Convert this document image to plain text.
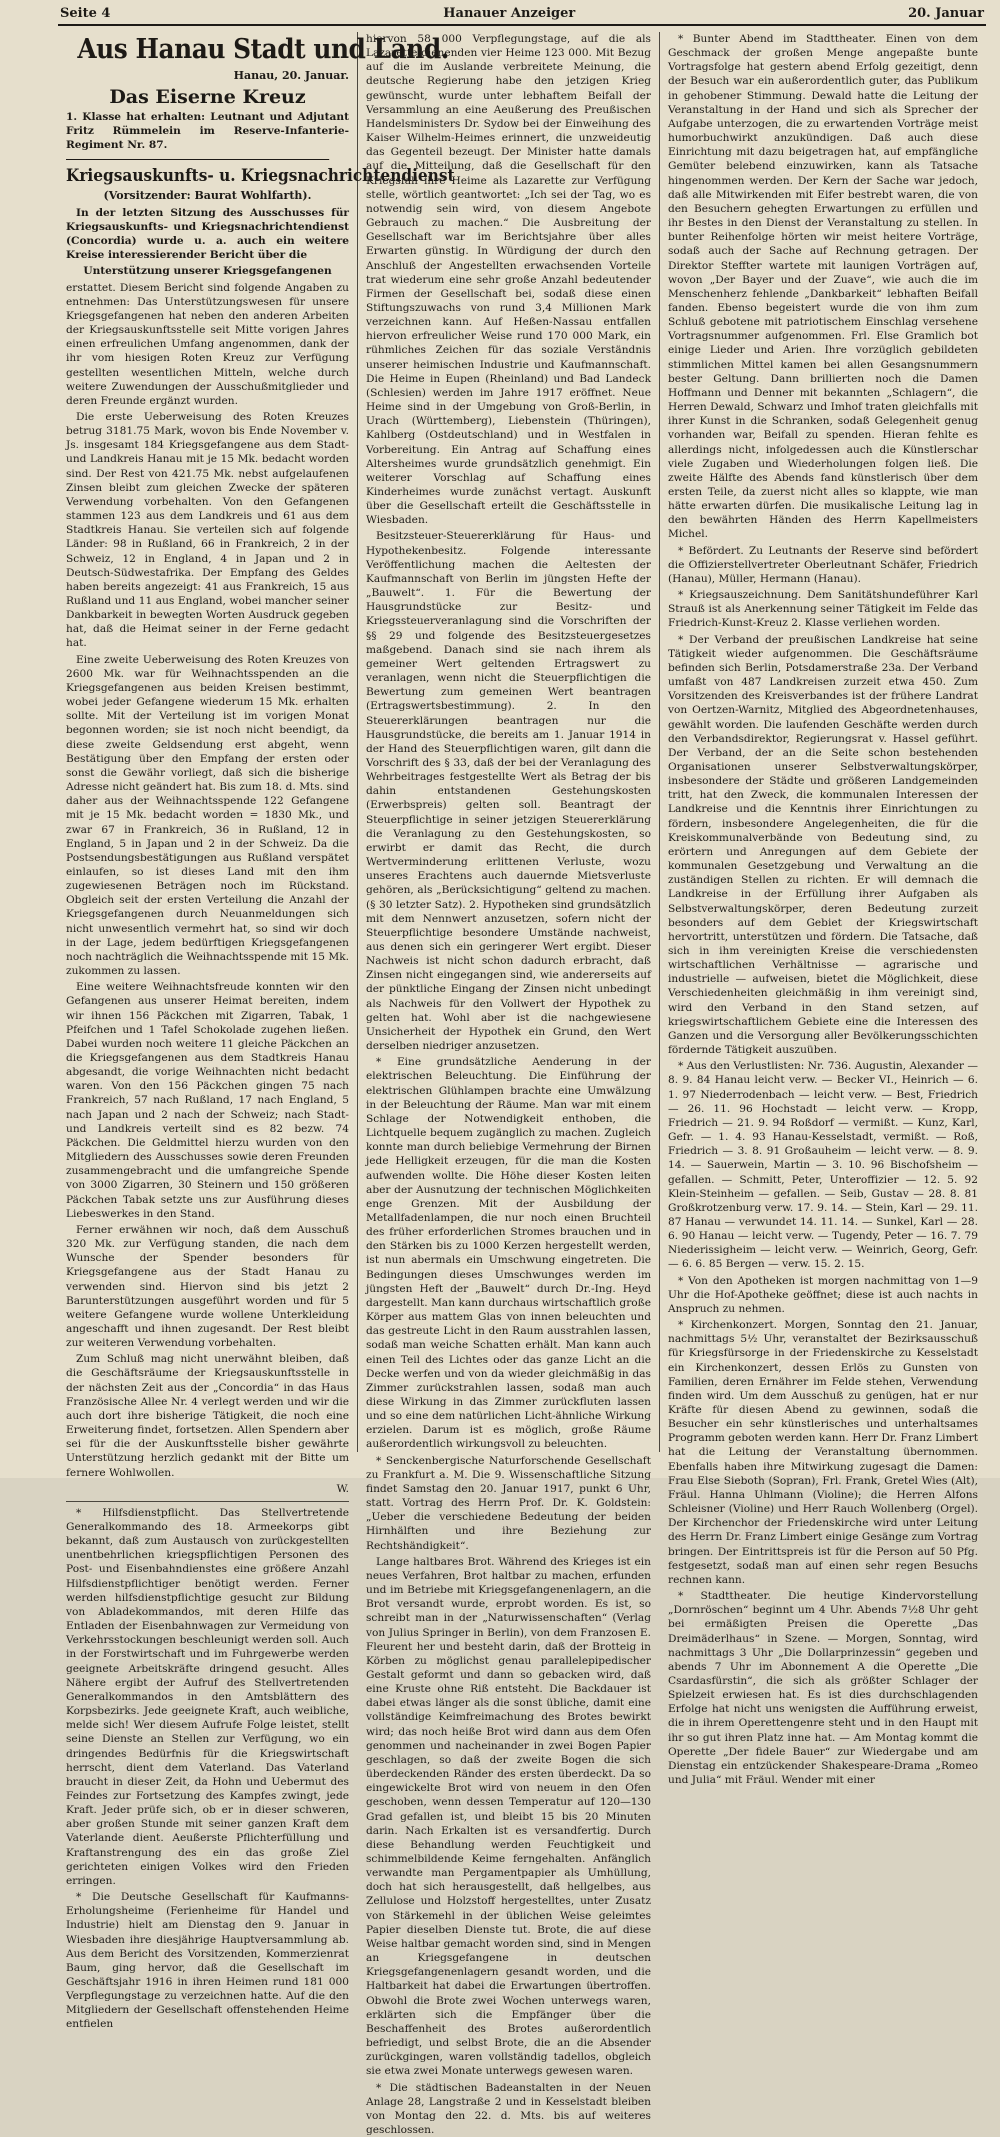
Seite 4	Hanauer Anzeiger	20. Januar
Aus Hanau Stadt und Land.
Hanau, 20. Januar.
Das Eiserne Kreuz

1. Klasse hat erhalten: Leutnant und Adjutant Fritz Rümmelein im Reserve-Infanterie-Regiment Nr. 87.

Kriegsauskunfts- u. Kriegsnachrichtendienst
(Vorsitzender: Baurat Wohlfarth).

In der letzten Sitzung des Ausschusses für Kriegsauskunfts- und Kriegsnachrichtendienst (Concordia) wurde u. a. auch ein weitere Kreise interessierender Bericht über die

Unterstützung unserer Kriegsgefangenen

erstattet. Diesem Bericht sind folgende Angaben zu entnehmen: Das Unterstützungswesen für unsere Kriegsgefangenen hat neben den anderen Arbeiten der Kriegsauskunftsstelle seit Mitte vorigen Jahres einen erfreulichen Umfang angenommen, dank der ihr vom hiesigen Roten Kreuz zur Verfügung gestellten wesentlichen Mitteln, welche durch weitere Zuwendungen der Ausschußmitglieder und deren Freunde ergänzt wurden.

Die erste Ueberweisung des Roten Kreuzes betrug 3181.75 Mark, wovon bis Ende November v. Js. insgesamt 184 Kriegsgefangene aus dem Stadt- und Landkreis Hanau mit je 15 Mk. bedacht worden sind. Der Rest von 421.75 Mk. nebst aufgelaufenen Zinsen bleibt zum gleichen Zwecke der späteren Verwendung vorbehalten. Von den Gefangenen stammen 123 aus dem Landkreis und 61 aus dem Stadtkreis Hanau. Sie verteilen sich auf folgende Länder: 98 in Rußland, 66 in Frankreich, 2 in der Schweiz, 12 in England, 4 in Japan und 2 in Deutsch-Südwestafrika. Der Empfang des Geldes haben bereits angezeigt: 41 aus Frankreich, 15 aus Rußland und 11 aus England, wobei mancher seiner Dankbarkeit in bewegten Worten Ausdruck gegeben hat, daß die Heimat seiner in der Ferne gedacht hat.

Eine zweite Ueberweisung des Roten Kreuzes von 2600 Mk. war für Weihnachtsspenden an die Kriegsgefangenen aus beiden Kreisen bestimmt, wobei jeder Gefangene wiederum 15 Mk. erhalten sollte. Mit der Verteilung ist im vorigen Monat begonnen worden; sie ist noch nicht beendigt, da diese zweite Geldsendung erst abgeht, wenn Bestätigung über den Empfang der ersten oder sonst die Gewähr vorliegt, daß sich die bisherige Adresse nicht geändert hat. Bis zum 18. d. Mts. sind daher aus der Weihnachtsspende 122 Gefangene mit je 15 Mk. bedacht worden = 1830 Mk., und zwar 67 in Frankreich, 36 in Rußland, 12 in England, 5 in Japan und 2 in der Schweiz. Da die Postsendungsbestätigungen aus Rußland verspätet einlaufen, so ist dieses Land mit den ihm zugewiesenen Beträgen noch im Rückstand. Obgleich seit der ersten Verteilung die Anzahl der Kriegsgefangenen durch Neuanmeldungen sich nicht unwesentlich vermehrt hat, so sind wir doch in der Lage, jedem bedürftigen Kriegsgefangenen noch nachträglich die Weihnachtsspende mit 15 Mk. zukommen zu lassen.

Eine weitere Weihnachtsfreude konnten wir den Gefangenen aus unserer Heimat bereiten, indem wir ihnen 156 Päckchen mit Zigarren, Tabak, 1 Pfeifchen und 1 Tafel Schokolade zugehen ließen. Dabei wurden noch weitere 11 gleiche Päckchen an die Kriegsgefangenen aus dem Stadtkreis Hanau abgesandt, die vorige Weihnachten nicht bedacht waren. Von den 156 Päckchen gingen 75 nach Frankreich, 57 nach Rußland, 17 nach England, 5 nach Japan und 2 nach der Schweiz; nach Stadt- und Landkreis verteilt sind es 82 bezw. 74 Päckchen. Die Geldmittel hierzu wurden von den Mitgliedern des Ausschusses sowie deren Freunden zusammengebracht und die umfangreiche Spende von 3000 Zigarren, 30 Steinern und 150 größeren Päckchen Tabak setzte uns zur Ausführung dieses Liebeswerkes in den Stand.

Ferner erwähnen wir noch, daß dem Ausschuß 320 Mk. zur Verfügung standen, die nach dem Wunsche der Spender besonders für Kriegsgefangene aus der Stadt Hanau zu verwenden sind. Hiervon sind bis jetzt 2 Barunterstützungen ausgeführt worden und für 5 weitere Gefangene wurde wollene Unterkleidung angeschafft und ihnen zugesandt. Der Rest bleibt zur weiteren Verwendung vorbehalten.

Zum Schluß mag nicht unerwähnt bleiben, daß die Geschäftsräume der Kriegsauskunftsstelle in der nächsten Zeit aus der „Concordia“ in das Haus Französische Allee Nr. 4 verlegt werden und wir die auch dort ihre bisherige Tätigkeit, die noch eine Erweiterung findet, fortsetzen. Allen Spendern aber sei für die der Auskunftsstelle bisher gewährte Unterstützung herzlich gedankt mit der Bitte um fernere Wohlwollen.

W.

* Hilfsdienstpflicht. Das Stellvertretende Generalkommando des 18. Armeekorps gibt bekannt, daß zum Austausch von zurückgestellten unentbehrlichen kriegspflichtigen Personen des Post- und Eisenbahndienstes eine größere Anzahl Hilfsdienstpflichtiger benötigt werden. Ferner werden hilfsdienstpflichtige gesucht zur Bildung von Abladekommandos, mit deren Hilfe das Entladen der Eisenbahnwagen zur Vermeidung von Verkehrsstockungen beschleunigt werden soll. Auch in der Forstwirtschaft und im Fuhrgewerbe werden geeignete Arbeitskräfte dringend gesucht. Alles Nähere ergibt der Aufruf des Stellvertretenden Generalkommandos in den Amtsblättern des Korpsbezirks. Jede geeignete Kraft, auch weibliche, melde sich! Wer diesem Aufrufe Folge leistet, stellt seine Dienste an Stellen zur Verfügung, wo ein dringendes Bedürfnis für die Kriegswirtschaft herrscht, dient dem Vaterland. Das Vaterland braucht in dieser Zeit, da Hohn und Uebermut des Feindes zur Fortsetzung des Kampfes zwingt, jede Kraft. Jeder prüfe sich, ob er in dieser schweren, aber großen Stunde mit seiner ganzen Kraft dem Vaterlande dient. Aeußerste Pflichterfüllung und Kraftanstrengung des ein das große Ziel gerichteten einigen Volkes wird den Frieden erringen.

* Die Deutsche Gesellschaft für Kaufmanns-Erholungsheime (Ferienheime für Handel und Industrie) hielt am Dienstag den 9. Januar in Wiesbaden ihre diesjährige Hauptversammlung ab. Aus dem Bericht des Vorsitzenden, Kommerzienrat Baum, ging hervor, daß die Gesellschaft im Geschäftsjahr 1916 in ihren Heimen rund 181 000 Verpflegungstage zu verzeichnen hatte. Auf die den Mitgliedern der Gesellschaft offenstehenden Heime entfielen

hiervon 58 000 Verpflegungstage, auf die als Lazarette dienenden vier Heime 123 000. Mit Bezug auf die im Auslande verbreitete Meinung, die deutsche Regierung habe den jetzigen Krieg gewünscht, wurde unter lebhaftem Beifall der Versammlung an eine Aeußerung des Preußischen Handelsministers Dr. Sydow bei der Einweihung des Kaiser Wilhelm-Heimes erinnert, die unzweideutig das Gegenteil bezeugt. Der Minister hatte damals auf die Mitteilung, daß die Gesellschaft für den Kriegsfall ihre Heime als Lazarette zur Verfügung stelle, wörtlich geantwortet: „Ich sei der Tag, wo es notwendig sein wird, von diesem Angebote Gebrauch zu machen.“ Die Ausbreitung der Gesellschaft war im Berichtsjahre über alles Erwarten günstig. In Würdigung der durch den Anschluß der Angestellten erwachsenden Vorteile trat wiederum eine sehr große Anzahl bedeutender Firmen der Gesellschaft bei, sodaß diese einen Stiftungszuwachs von rund 3,4 Millionen Mark verzeichnen kann. Auf Heßen-Nassau entfallen hiervon erfreulicher Weise rund 170 000 Mark, ein rühmliches Zeichen für das soziale Verständnis unserer heimischen Industrie und Kaufmannschaft. Die Heime in Eupen (Rheinland) und Bad Landeck (Schlesien) werden im Jahre 1917 eröffnet. Neue Heime sind in der Umgebung von Groß-Berlin, in Urach (Württemberg), Liebenstein (Thüringen), Kahlberg (Ostdeutschland) und in Westfalen in Vorbereitung. Ein Antrag auf Schaffung eines Altersheimes wurde grundsätzlich genehmigt. Ein weiterer Vorschlag auf Schaffung eines Kinderheimes wurde zunächst vertagt. Auskunft über die Gesellschaft erteilt die Geschäftsstelle in Wiesbaden.

Besitzsteuer-Steuererklärung für Haus- und Hypothekenbesitz. Folgende interessante Veröffentlichung machen die Aeltesten der Kaufmannschaft von Berlin im jüngsten Hefte der „Bauwelt“. 1. Für die Bewertung der Hausgrundstücke zur Besitz- und Kriegssteuerveranlagung sind die Vorschriften der §§ 29 und folgende des Besitzsteuergesetzes maßgebend. Danach sind sie nach ihrem als gemeiner Wert geltenden Ertragswert zu veranlagen, wenn nicht die Steuerpflichtigen die Bewertung zum gemeinen Wert beantragen (Ertragswertsbestimmung). 2. In den Steuererklärungen beantragen nur die Hausgrundstücke, die bereits am 1. Januar 1914 in der Hand des Steuerpflichtigen waren, gilt dann die Vorschrift des § 33, daß der bei der Veranlagung des Wehrbeitrages festgestellte Wert als Betrag der bis dahin entstandenen Gestehungskosten (Erwerbspreis) gelten soll. Beantragt der Steuerpflichtige in seiner jetzigen Steuererklärung die Veranlagung zu den Gestehungskosten, so erwirbt er damit das Recht, die durch Wertverminderung erlittenen Verluste, wozu unseres Erachtens auch dauernde Mietsverluste gehören, als „Berücksichtigung“ geltend zu machen. (§ 30 letzter Satz). 2. Hypotheken sind grundsätzlich mit dem Nennwert anzusetzen, sofern nicht der Steuerpflichtige besondere Umstände nachweist, aus denen sich ein geringerer Wert ergibt. Dieser Nachweis ist nicht schon dadurch erbracht, daß Zinsen nicht eingegangen sind, wie andererseits auf der pünktliche Eingang der Zinsen nicht unbedingt als Nachweis für den Vollwert der Hypothek zu gelten hat. Wohl aber ist die nachgewiesene Unsicherheit der Hypothek ein Grund, den Wert derselben niedriger anzusetzen.

* Eine grundsätzliche Aenderung in der elektrischen Beleuchtung. Die Einführung der elektrischen Glühlampen brachte eine Umwälzung in der Beleuchtung der Räume. Man war mit einem Schlage der Notwendigkeit enthoben, die Lichtquelle bequem zugänglich zu machen. Zugleich konnte man durch beliebige Vermehrung der Birnen jede Helligkeit erzeugen, für die man die Kosten aufwenden wollte. Die Höhe dieser Kosten leiten aber der Ausnutzung der technischen Möglichkeiten enge Grenzen. Mit der Ausbildung der Metallfadenlampen, die nur noch einen Bruchteil des früher erforderlichen Stromes brauchen und in den Stärken bis zu 1000 Kerzen hergestellt werden, ist nun abermals ein Umschwung eingetreten. Die Bedingungen dieses Umschwunges werden im jüngsten Heft der „Bauwelt“ durch Dr.-Ing. Heyd dargestellt. Man kann durchaus wirtschaftlich große Körper aus mattem Glas von innen beleuchten und das gestreute Licht in den Raum ausstrahlen lassen, sodaß man weiche Schatten erhält. Man kann auch einen Teil des Lichtes oder das ganze Licht an die Decke werfen und von da wieder gleichmäßig in das Zimmer zurückstrahlen lassen, sodaß man auch diese Wirkung in das Zimmer zurückfluten lassen und so eine dem natürlichen Licht-ähnliche Wirkung erzielen. Darum ist es möglich, große Räume außerordentlich wirkungsvoll zu beleuchten.

* Senckenbergische Naturforschende Gesellschaft zu Frankfurt a. M. Die 9. Wissenschaftliche Sitzung findet Samstag den 20. Januar 1917, punkt 6 Uhr, statt. Vortrag des Herrn Prof. Dr. K. Goldstein: „Ueber die verschiedene Bedeutung der beiden Hirnhälften und ihre Beziehung zur Rechtshändigkeit“.

Lange haltbares Brot. Während des Krieges ist ein neues Verfahren, Brot haltbar zu machen, erfunden und im Betriebe mit Kriegsgefangenenlagern, an die Brot versandt wurde, erprobt worden. Es ist, so schreibt man in der „Naturwissenschaften“ (Verlag von Julius Springer in Berlin), von dem Franzosen E. Fleurent her und besteht darin, daß der Brotteig in Körben zu möglichst genau parallelepipedischer Gestalt geformt und dann so gebacken wird, daß eine Kruste ohne Riß entsteht. Die Backdauer ist dabei etwas länger als die sonst übliche, damit eine vollständige Keimfreimachung des Brotes bewirkt wird; das noch heiße Brot wird dann aus dem Ofen genommen und nacheinander in zwei Bogen Papier geschlagen, so daß der zweite Bogen die sich überdeckenden Ränder des ersten überdeckt. Da so eingewickelte Brot wird von neuem in den Ofen geschoben, wenn dessen Temperatur auf 120—130 Grad gefallen ist, und bleibt 15 bis 20 Minuten darin. Nach Erkalten ist es versandfertig. Durch diese Behandlung werden Feuchtigkeit und schimmelbildende Keime ferngehalten. Anfänglich verwandte man Pergamentpapier als Umhüllung, doch hat sich herausgestellt, daß hellgelbes, aus Zellulose und Holzstoff hergestelltes, unter Zusatz von Stärkemehl in der üblichen Weise geleimtes Papier dieselben Dienste tut. Brote, die auf diese Weise haltbar gemacht worden sind, sind in Mengen an Kriegsgefangene in deutschen Kriegsgefangenenlagern gesandt worden, und die Haltbarkeit hat dabei die Erwartungen übertroffen. Obwohl die Brote zwei Wochen unterwegs waren, erklärten sich die Empfänger über die Beschaffenheit des Brotes außerordentlich befriedigt, und selbst Brote, die an die Absender zurückgingen, waren vollständig tadellos, obgleich sie etwa zwei Monate unterwegs gewesen waren.

* Die städtischen Badeanstalten in der Neuen Anlage 28, Langstraße 2 und in Kesselstadt bleiben von Montag den 22. d. Mts. bis auf weiteres geschlossen.

* Bunter Abend im Stadttheater. Einen von dem Geschmack der großen Menge angepaßte bunte Vortragsfolge hat gestern abend Erfolg gezeitigt, denn der Besuch war ein außerordentlich guter, das Publikum in gehobener Stimmung. Dewald hatte die Leitung der Veranstaltung in der Hand und sich als Sprecher der Aufgabe unterzogen, die zu erwartenden Vorträge meist humorbuchwirkt anzukündigen. Daß auch diese Einrichtung mit dazu beigetragen hat, auf empfängliche Gemüter belebend einzuwirken, kann als Tatsache hingenommen werden. Der Kern der Sache war jedoch, daß alle Mitwirkenden mit Eifer bestrebt waren, die von den Besuchern gehegten Erwartungen zu erfüllen und ihr Bestes in den Dienst der Veranstaltung zu stellen. In bunter Reihenfolge hörten wir meist heitere Vorträge, sodaß auch der Sache auf Rechnung getragen. Der Direktor Steffter wartete mit launigen Vorträgen auf, wovon „Der Bayer und der Zuave“, wie auch die im Menschenherz fehlende „Dankbarkeit“ lebhaften Beifall fanden. Ebenso begeistert wurde die von ihm zum Schluß gebotene mit patriotischem Einschlag versehene Vortragsnummer aufgenommen. Frl. Else Gramlich bot einige Lieder und Arien. Ihre vorzüglich gebildeten stimmlichen Mittel kamen bei allen Gesangsnummern bester Geltung. Dann brillierten noch die Damen Hoffmann und Denner mit bekannten „Schlagern“, die Herren Dewald, Schwarz und Imhof traten gleichfalls mit ihrer Kunst in die Schranken, sodaß Gelegenheit genug vorhanden war, Beifall zu spenden. Hieran fehlte es allerdings nicht, infolgedessen auch die Künstlerschar viele Zugaben und Wiederholungen folgen ließ. Die zweite Hälfte des Abends fand künstlerisch über dem ersten Teile, da zuerst nicht alles so klappte, wie man hätte erwarten dürfen. Die musikalische Leitung lag in den bewährten Händen des Herrn Kapellmeisters Michel.

* Befördert. Zu Leutnants der Reserve sind befördert die Offizierstellvertreter Oberleutnant Schäfer, Friedrich (Hanau), Müller, Hermann (Hanau).

* Kriegsauszeichnung. Dem Sanitätshundeführer Karl Strauß ist als Anerkennung seiner Tätigkeit im Felde das Friedrich-Kunst-Kreuz 2. Klasse verliehen worden.

* Der Verband der preußischen Landkreise hat seine Tätigkeit wieder aufgenommen. Die Geschäftsräume befinden sich Berlin, Potsdamerstraße 23a. Der Verband umfaßt von 487 Landkreisen zurzeit etwa 450. Zum Vorsitzenden des Kreisverbandes ist der frühere Landrat von Oertzen-Warnitz, Mitglied des Abgeordnetenhauses, gewählt worden. Die laufenden Geschäfte werden durch den Verbandsdirektor, Regierungsrat v. Hassel geführt. Der Verband, der an die Seite schon bestehenden Organisationen unserer Selbstverwaltungskörper, insbesondere der Städte und größeren Landgemeinden tritt, hat den Zweck, die kommunalen Interessen der Landkreise und die Kenntnis ihrer Einrichtungen zu fördern, insbesondere Angelegenheiten, die für die Kreiskommunalverbände von Bedeutung sind, zu erörtern und Anregungen auf dem Gebiete der kommunalen Gesetzgebung und Verwaltung an die zuständigen Stellen zu richten. Er will demnach die Landkreise in der Erfüllung ihrer Aufgaben als Selbstverwaltungskörper, deren Bedeutung zurzeit besonders auf dem Gebiet der Kriegswirtschaft hervortritt, unterstützen und fördern. Die Tatsache, daß sich in ihm vereinigten Kreise die verschiedensten wirtschaftlichen Verhältnisse — agrarische und industrielle — aufweisen, bietet die Möglichkeit, diese Verschiedenheiten gleichmäßig in ihm vereinigt sind, wird den Verband in den Stand setzen, auf kriegswirtschaftlichem Gebiete eine die Interessen des Ganzen und die Versorgung aller Bevölkerungsschichten fördernde Tätigkeit auszuüben.

* Aus den Verlustlisten: Nr. 736. Augustin, Alexander — 8. 9. 84 Hanau leicht verw. — Becker VI., Heinrich — 6. 1. 97 Niederrodenbach — leicht verw. — Best, Friedrich — 26. 11. 96 Hochstadt — leicht verw. — Kropp, Friedrich — 21. 9. 94 Roßdorf — vermißt. — Kunz, Karl, Gefr. — 1. 4. 93 Hanau-Kesselstadt, vermißt. — Roß, Friedrich — 3. 8. 91 Großauheim — leicht verw. — 8. 9. 14. — Sauerwein, Martin — 3. 10. 96 Bischofsheim — gefallen. — Schmitt, Peter, Unteroffizier — 12. 5. 92 Klein-Steinheim — gefallen. — Seib, Gustav — 28. 8. 81 Großkrotzenburg verw. 17. 9. 14. — Stein, Karl — 29. 11. 87 Hanau — verwundet 14. 11. 14. — Sunkel, Karl — 28. 6. 90 Hanau — leicht verw. — Tugendy, Peter — 16. 7. 79 Niederissigheim — leicht verw. — Weinrich, Georg, Gefr. — 6. 6. 85 Bergen — verw. 15. 2. 15.

* Von den Apotheken ist morgen nachmittag von 1—9 Uhr die Hof-Apotheke geöffnet; diese ist auch nachts in Anspruch zu nehmen.

* Kirchenkonzert. Morgen, Sonntag den 21. Januar, nachmittags 5½ Uhr, veranstaltet der Bezirksausschuß für Kriegsfürsorge in der Friedenskirche zu Kesselstadt ein Kirchenkonzert, dessen Erlös zu Gunsten von Familien, deren Ernährer im Felde stehen, Verwendung finden wird. Um dem Ausschuß zu genügen, hat er nur Kräfte für diesen Abend zu gewinnen, sodaß die Besucher ein sehr künstlerisches und unterhaltsames Programm geboten werden kann. Herr Dr. Franz Limbert hat die Leitung der Veranstaltung übernommen. Ebenfalls haben ihre Mitwirkung zugesagt die Damen: Frau Else Sieboth (Sopran), Frl. Frank, Gretel Wies (Alt), Fräul. Hanna Uhlmann (Violine); die Herren Alfons Schleisner (Violine) und Herr Rauch Wollenberg (Orgel). Der Kirchenchor der Friedenskirche wird unter Leitung des Herrn Dr. Franz Limbert einige Gesänge zum Vortrag bringen. Der Eintrittspreis ist für die Person auf 50 Pfg. festgesetzt, sodaß man auf einen sehr regen Besuchs rechnen kann.

* Stadttheater. Die heutige Kindervorstellung „Dornröschen“ beginnt um 4 Uhr. Abends 7½8 Uhr geht bei ermäßigten Preisen die Operette „Das Dreimäderlhaus“ in Szene. — Morgen, Sonntag, wird nachmittags 3 Uhr „Die Dollarprinzessin“ gegeben und abends 7 Uhr im Abonnement A die Operette „Die Csardasfürstin“, die sich als größter Schlager der Spielzeit erwiesen hat. Es ist dies durchschlagenden Erfolge hat nicht uns wenigsten die Aufführung erweist, die in ihrem Operettengenre steht und in den Haupt mit ihr so gut ihren Platz inne hat. — Am Montag kommt die Operette „Der fidele Bauer“ zur Wiedergabe und am Dienstag ein entzückender Shakespeare-Drama „Romeo und Julia“ mit Fräul. Wender mit einer
